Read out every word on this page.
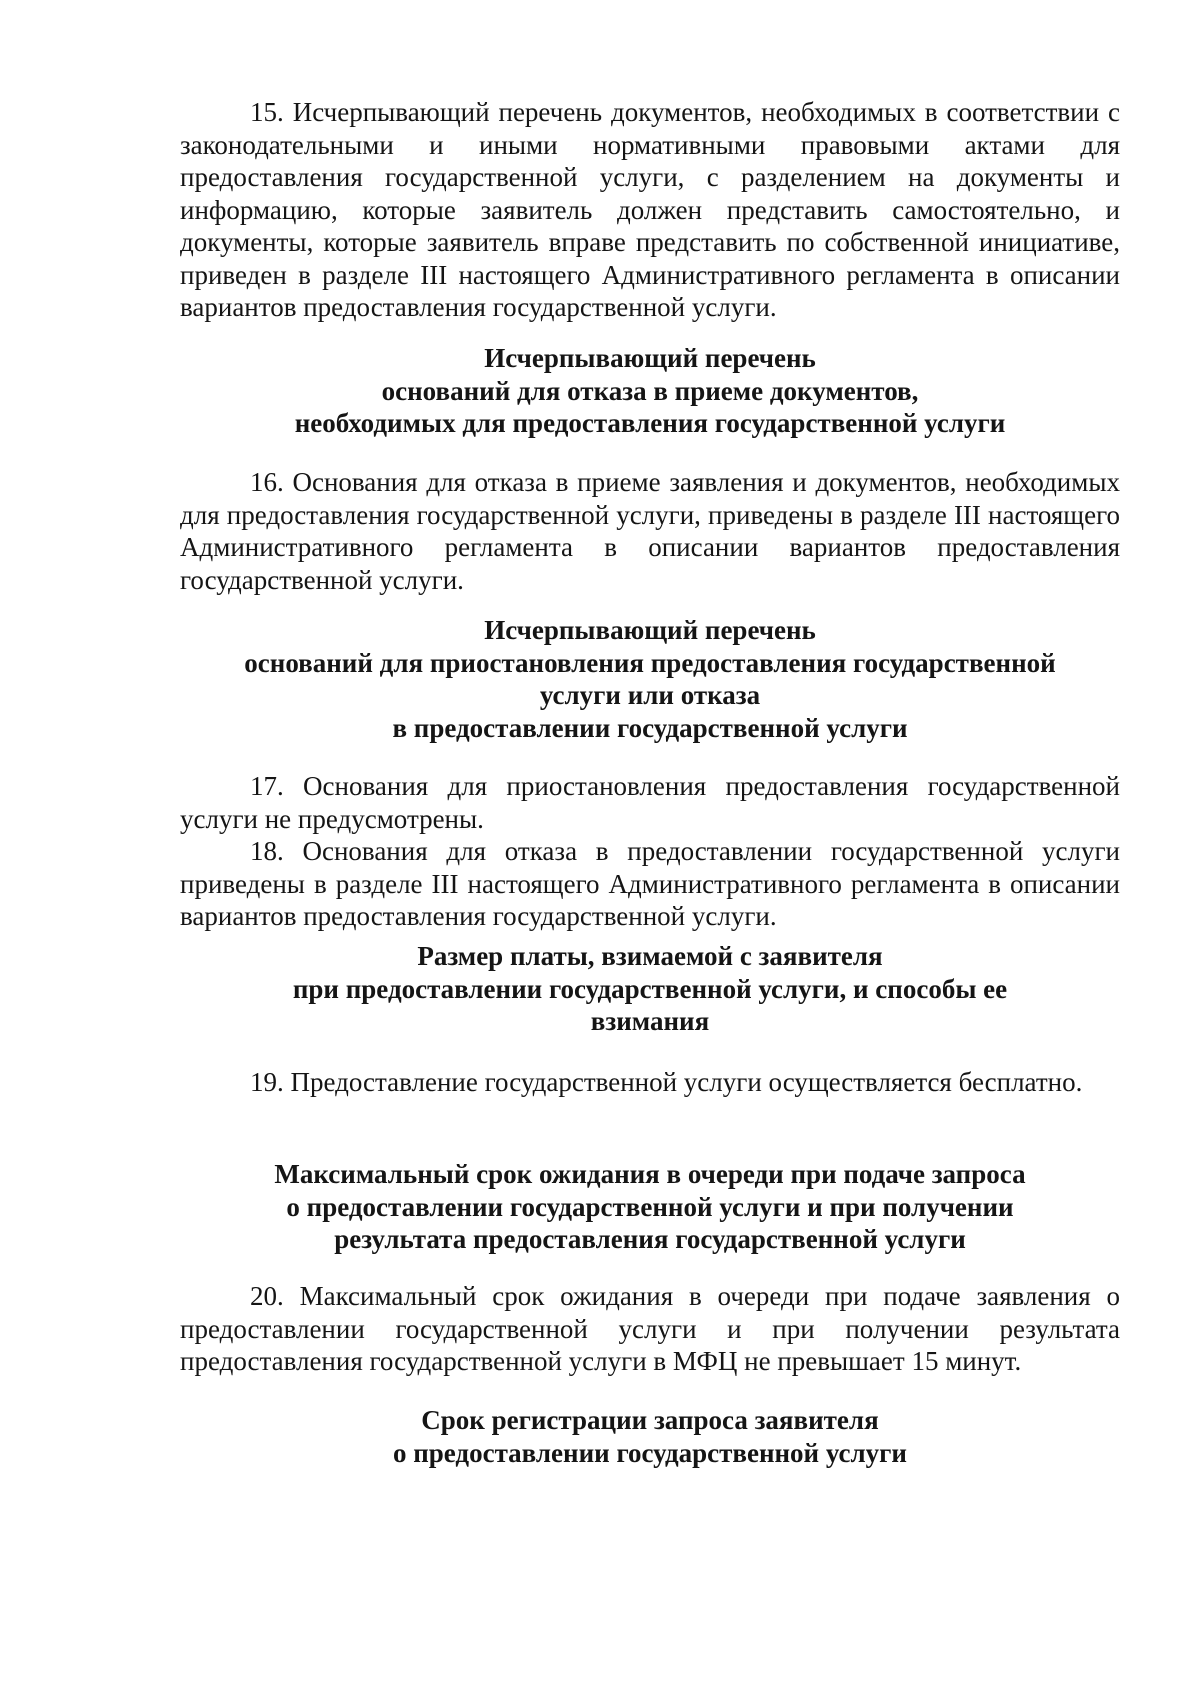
15. Исчерпывающий перечень документов, необходимых в соответствии с законодательными и иными нормативными правовыми актами для предоставления государственной услуги, с разделением на документы и информацию, которые заявитель должен представить самостоятельно, и документы, которые заявитель вправе представить по собственной инициативе, приведен в разделе III настоящего Административного регламента в описании вариантов предоставления государственной услуги.

Исчерпывающий перечень
оснований для отказа в приеме документов,
необходимых для предоставления государственной услуги

16. Основания для отказа в приеме заявления и документов, необходимых для предоставления государственной услуги, приведены в разделе III настоящего Административного регламента в описании вариантов предоставления государственной услуги.

Исчерпывающий перечень
оснований для приостановления предоставления государственной
услуги или отказа
в предоставлении государственной услуги

17. Основания для приостановления предоставления государственной услуги не предусмотрены.

18. Основания для отказа в предоставлении государственной услуги приведены в разделе III настоящего Административного регламента в описании вариантов предоставления государственной услуги.

Размер платы, взимаемой с заявителя
при предоставлении государственной услуги, и способы ее
взимания

19. Предоставление государственной услуги осуществляется бесплатно.

Максимальный срок ожидания в очереди при подаче запроса
о предоставлении государственной услуги и при получении
результата предоставления государственной услуги

20. Максимальный срок ожидания в очереди при подаче заявления о предоставлении государственной услуги и при получении результата предоставления государственной услуги в МФЦ не превышает 15 минут.

Срок регистрации запроса заявителя
о предоставлении государственной услуги
